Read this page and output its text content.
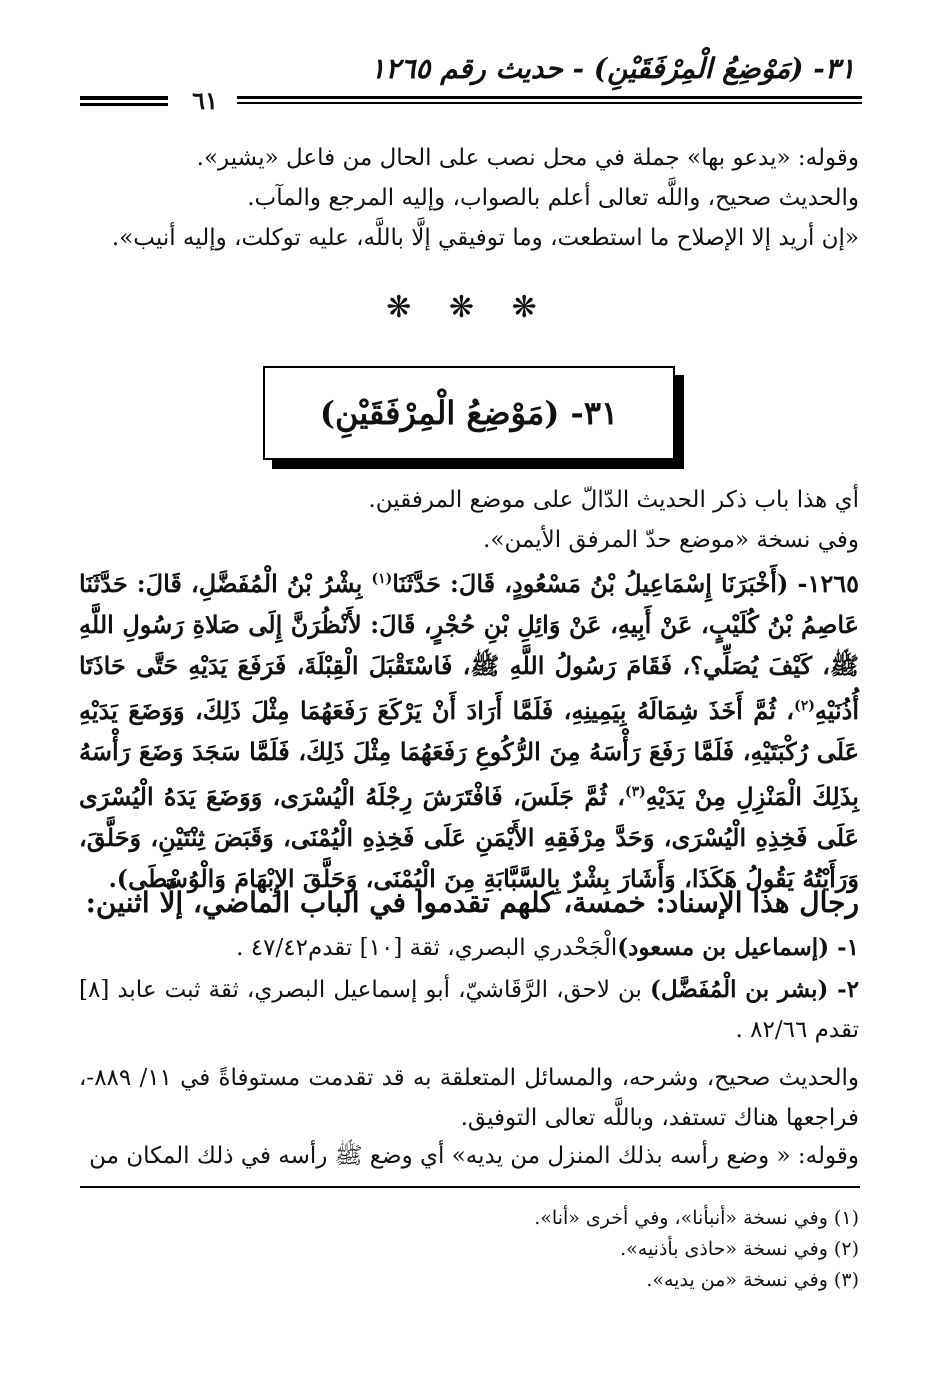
٣١- (مَوْضِعُ الْمِرْفَقَيْنِ) - حديث رقم ١٢٦٥
٦١
وقوله: «يدعو بها» جملة في محل نصب على الحال من فاعل «يشير».
والحديث صحيح، واللَّه تعالى أعلم بالصواب، وإليه المرجع والمآب.
«إن أريد إلا الإصلاح ما استطعت، وما توفيقي إلَّا باللَّه، عليه توكلت، وإليه أنيب».
❋ ❋ ❋
٣١- (مَوْضِعُ الْمِرْفَقَيْنِ)
أي هذا باب ذكر الحديث الدّالّ على موضع المرفقين.
وفي نسخة «موضع حدّ المرفق الأيمن».
١٢٦٥- (أَخْبَرَنَا إِسْمَاعِيلُ بْنُ مَسْعُودٍ، قَالَ: حَدَّثَنَا$^{(١)}$ بِشْرُ بْنُ الْمُفَضَّلِ، قَالَ: حَدَّثَنَا عَاصِمُ بْنُ كُلَيْبٍ، عَنْ أَبِيهِ، عَنْ وَائِلِ بْنِ حُجْرٍ، قَالَ: لأَنْظُرَنَّ إِلَى صَلاةِ رَسُولِ اللَّهِ ﷺ، كَيْفَ يُصَلِّي؟، فَقَامَ رَسُولُ اللَّهِ ﷺ، فَاسْتَقْبَلَ الْقِبْلَةَ، فَرَفَعَ يَدَيْهِ حَتَّى حَاذَتَا أُذُنَيْهِ$^{(٢)}$، ثُمَّ أَخَذَ شِمَالَهُ بِيَمِينِهِ، فَلَمَّا أَرَادَ أَنْ يَرْكَعَ رَفَعَهُمَا مِثْلَ ذَلِكَ، وَوَضَعَ يَدَيْهِ عَلَى رُكْبَتَيْهِ، فَلَمَّا رَفَعَ رَأْسَهُ مِنَ الرُّكُوعِ رَفَعَهُمَا مِثْلَ ذَلِكَ، فَلَمَّا سَجَدَ وَضَعَ رَأْسَهُ بِذَلِكَ الْمَنْزِلِ مِنْ يَدَيْهِ$^{(٣)}$، ثُمَّ جَلَسَ، فَافْتَرَشَ رِجْلَهُ الْيُسْرَى، وَوَضَعَ يَدَهُ الْيُسْرَى عَلَى فَخِذِهِ الْيُسْرَى، وَحَدَّ مِرْفَقِهِ الأَيْمَنِ عَلَى فَخِذِهِ الْيُمْنَى، وَقَبَضَ ثِنْتَيْنِ، وَحَلَّقَ، وَرَأَيْتُهُ يَقُولُ هَكَذَا، وَأَشَارَ بِشْرٌ بِالسَّبَّابَةِ مِنَ الْيُمْنَى، وَحَلَّقَ الإِبْهَامَ وَالْوُسْطَى).
رجال هذا الإسناد: خمسة، كلهم تقدموا في الباب الماضي، إلَّا اثنين:
١- (إسماعيل بن مسعود)الْجَحْدري البصري، ثقة [١٠] تقدم٤٧/٤٢ .
٢- (بشر بن الْمُفَضَّل) بن لاحق، الرَّقَاشيّ، أبو إسماعيل البصري، ثقة ثبت عابد [٨] تقدم ٨٢/٦٦ .
والحديث صحيح، وشرحه، والمسائل المتعلقة به قد تقدمت مستوفاةً في ١١/ ٨٨٩-، فراجعها هناك تستفد، وباللَّه تعالى التوفيق.
وقوله: « وضع رأسه بذلك المنزل من يديه» أي وضع ﷺ رأسه في ذلك المكان من
(١) وفي نسخة «أنبأنا»، وفي أخرى «أنا».
(٢) وفي نسخة «حاذى بأذنيه».
(٣) وفي نسخة «من يديه».
